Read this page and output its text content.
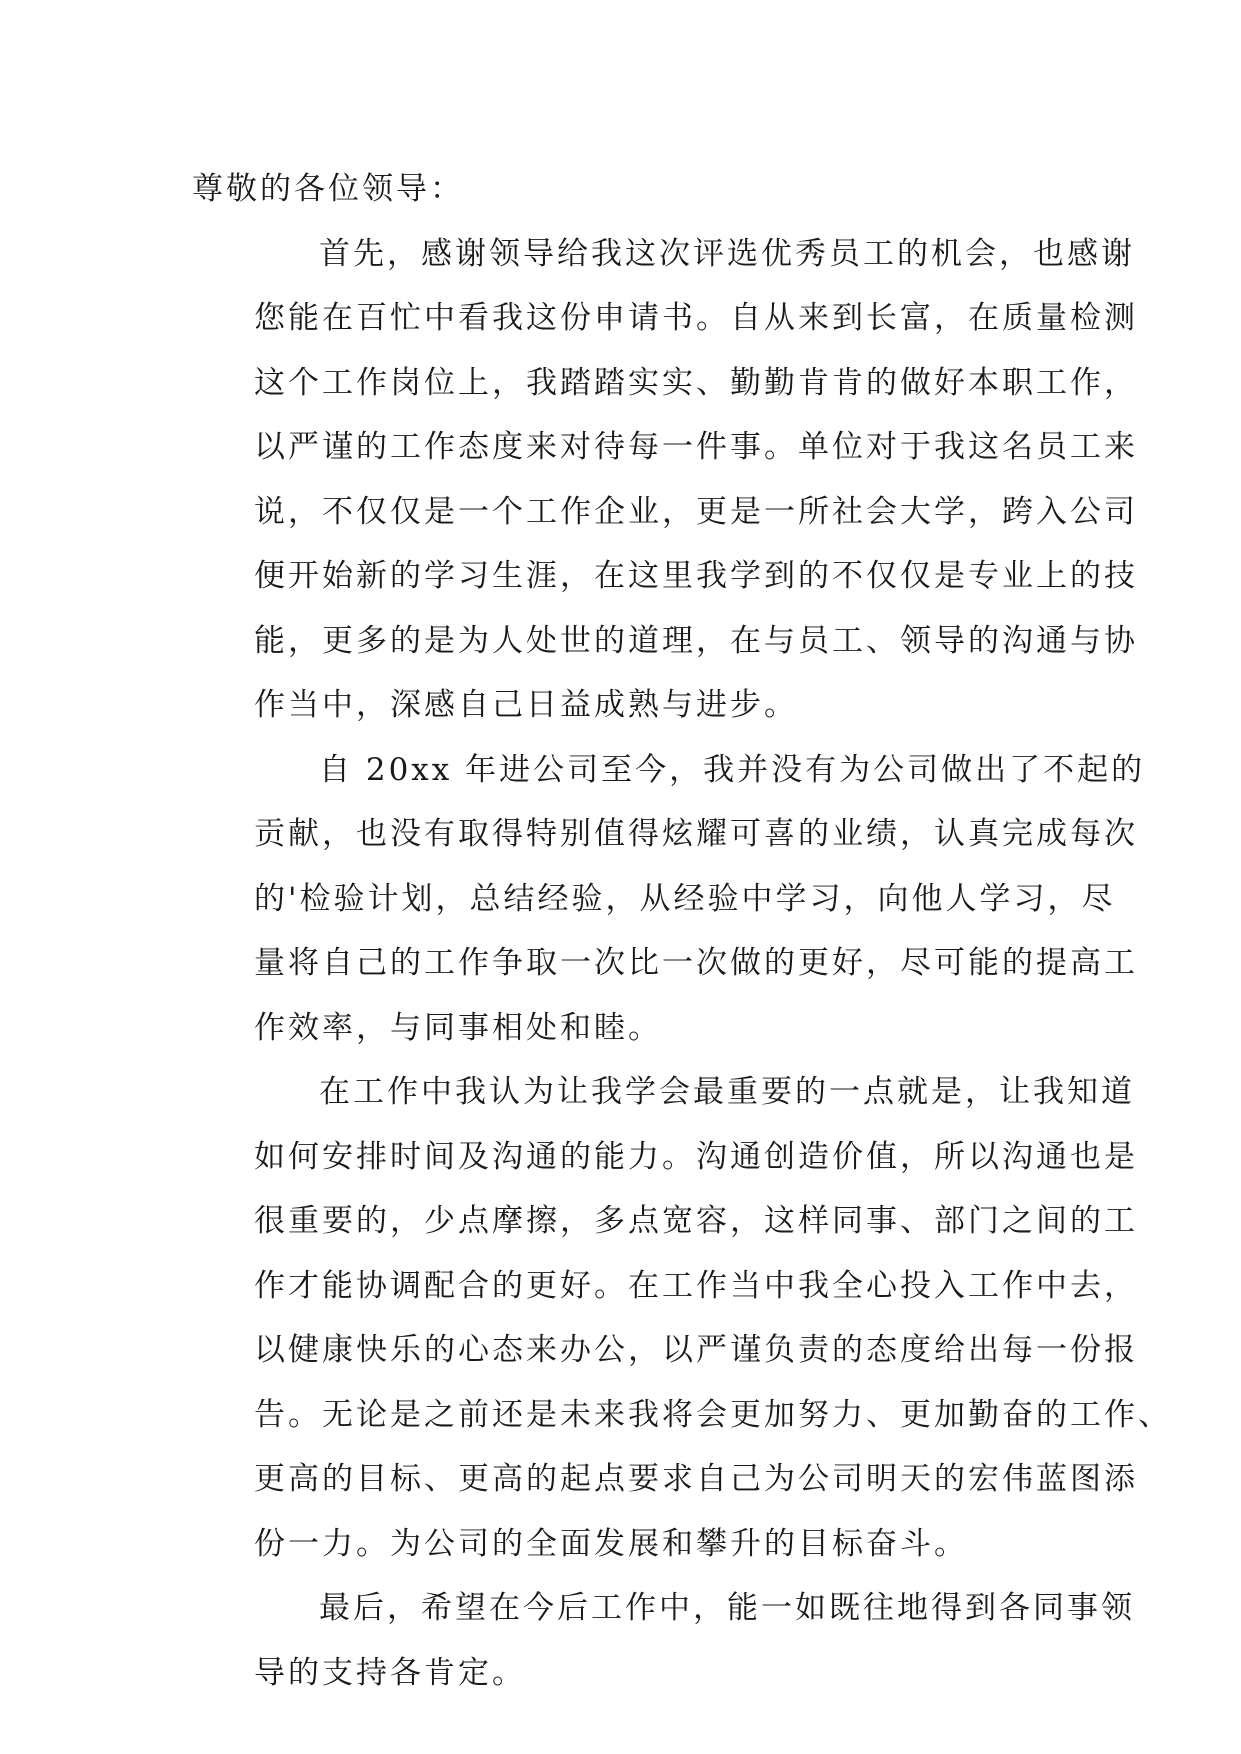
尊敬的各位领导：

首先，感谢领导给我这次评选优秀员工的机会，也感谢
您能在百忙中看我这份申请书。自从来到长富，在质量检测
这个工作岗位上，我踏踏实实、勤勤肯肯的做好本职工作，
以严谨的工作态度来对待每一件事。单位对于我这名员工来
说，不仅仅是一个工作企业，更是一所社会大学，跨入公司
便开始新的学习生涯，在这里我学到的不仅仅是专业上的技
能，更多的是为人处世的道理，在与员工、领导的沟通与协
作当中，深感自己日益成熟与进步。
自 20xx 年进公司至今，我并没有为公司做出了不起的
贡献，也没有取得特别值得炫耀可喜的业绩，认真完成每次
的'检验计划，总结经验，从经验中学习，向他人学习，尽
量将自己的工作争取一次比一次做的更好，尽可能的提高工
作效率，与同事相处和睦。
在工作中我认为让我学会最重要的一点就是，让我知道
如何安排时间及沟通的能力。沟通创造价值，所以沟通也是
很重要的，少点摩擦，多点宽容，这样同事、部门之间的工
作才能协调配合的更好。在工作当中我全心投入工作中去，
以健康快乐的心态来办公，以严谨负责的态度给出每一份报
告。无论是之前还是未来我将会更加努力、更加勤奋的工作、
更高的目标、更高的起点要求自己为公司明天的宏伟蓝图添
份一力。为公司的全面发展和攀升的目标奋斗。
最后，希望在今后工作中，能一如既往地得到各同事领
导的支持各肯定。
